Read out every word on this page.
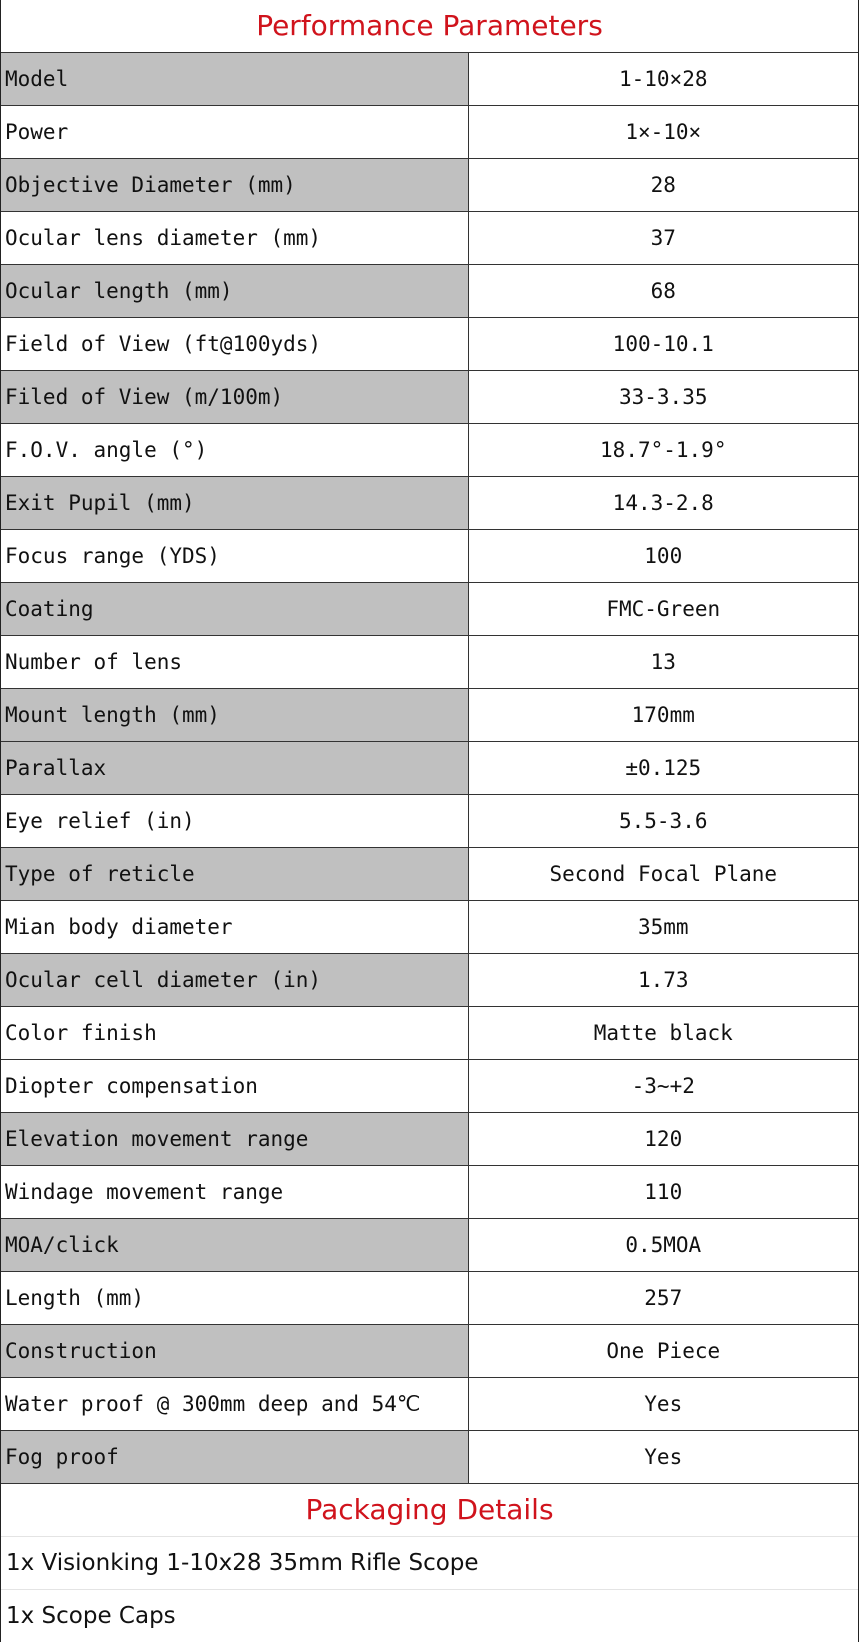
Performance Parameters
Model	1-10×28
Power	1×-10×
Objective Diameter (mm)	28
Ocular lens diameter (mm)	37
Ocular length (mm)	68
Field of View (ft@100yds)	100-10.1
Filed of View (m/100m)	33-3.35
F.O.V. angle (°)	18.7°-1.9°
Exit Pupil (mm)	14.3-2.8
Focus range (YDS)	100
Coating	FMC-Green
Number of lens	13
Mount length (mm)	170mm
Parallax	±0.125
Eye relief (in)	5.5-3.6
Type of reticle	Second Focal Plane
Mian body diameter	35mm
Ocular cell diameter (in)	1.73
Color finish	Matte black
Diopter compensation	-3~+2
Elevation movement range	120
Windage movement range	110
MOA/click	0.5MOA
Length (mm)	257
Construction	One Piece
Water proof @ 300mm deep and 54℃	Yes
Fog proof	Yes
Packaging Details
1x Visionking 1-10x28 35mm Rifle Scope
1x Scope Caps
